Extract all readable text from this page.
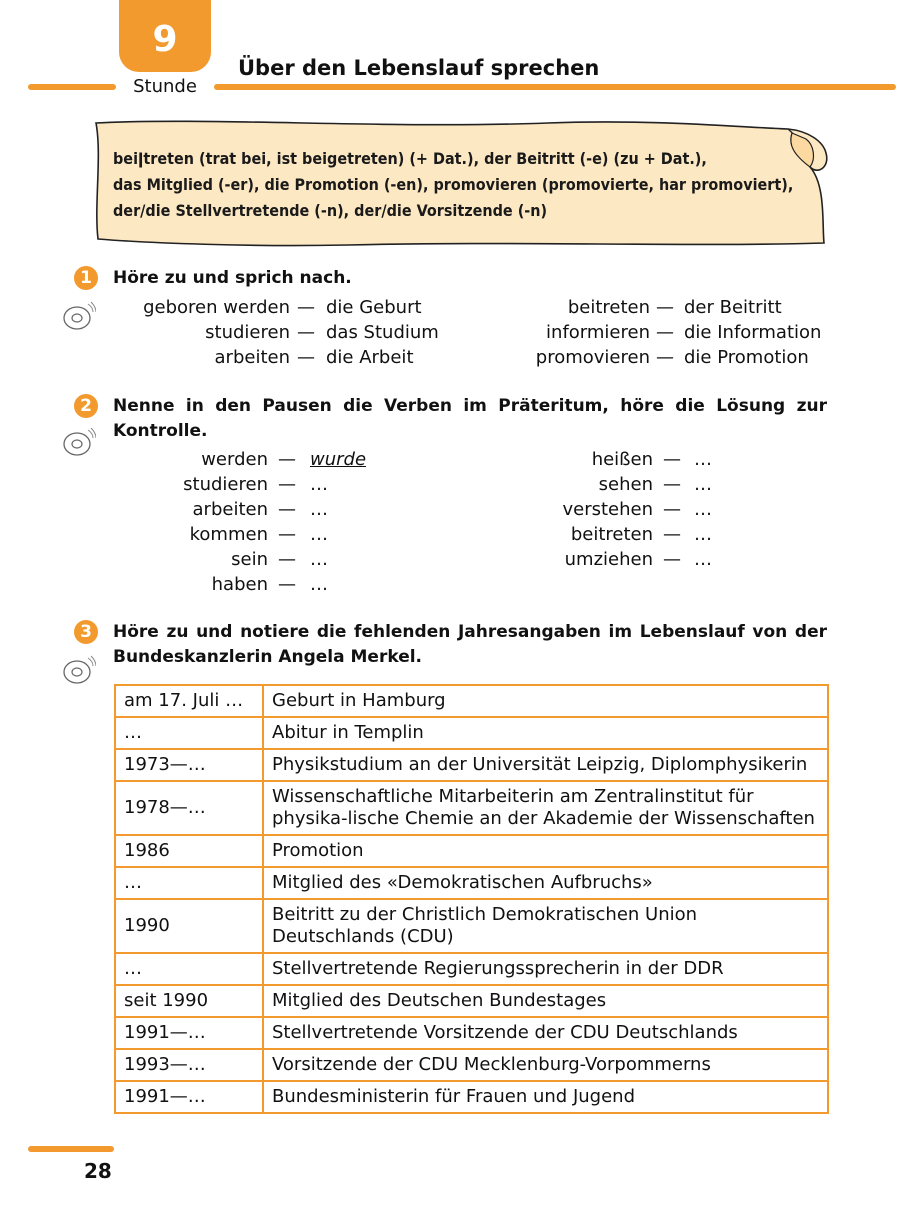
9
Stunde
Über den Lebenslauf sprechen
beiǀtreten (trat bei, ist beigetreten) (+ Dat.), der Beitritt (-e) (zu + Dat.),
das Mitglied (-er), die Promotion (-en), promovieren (promovierte, har promoviert),
der/die Stellvertretende (-n), der/die Vorsitzende (-n)
1	Höre zu und sprich nach.
geboren werden — die Geburt
studieren — das Studium
arbeiten — die Arbeit
beitreten — der Beitritt
informieren — die Information
promovieren — die Promotion
2	Nenne in den Pausen die Verben im Präteritum, höre die Lösung zur Kontrolle.
werden — wurde
studieren — …
arbeiten — …
kommen — …
sein — …
haben — …
heißen — …
sehen — …
verstehen — …
beitreten — …
umziehen — …
3	Höre zu und notiere die fehlenden Jahresangaben im Lebenslauf von der Bundeskanzlerin Angela Merkel.
am 17. Juli …	Geburt in Hamburg
…	Abitur in Templin
1973—…	Physikstudium an der Universität Leipzig, Diplomphysikerin
1978—…	Wissenschaftliche Mitarbeiterin am Zentralinstitut für physika-lische Chemie an der Akademie der Wissenschaften
1986	Promotion
…	Mitglied des «Demokratischen Aufbruchs»
1990	Beitritt zu der Christlich Demokratischen Union Deutschlands (CDU)
…	Stellvertretende Regierungssprecherin in der DDR
seit 1990	Mitglied des Deutschen Bundestages
1991—…	Stellvertretende Vorsitzende der CDU Deutschlands
1993—…	Vorsitzende der CDU Mecklenburg-Vorpommerns
1991—…	Bundesministerin für Frauen und Jugend
28
